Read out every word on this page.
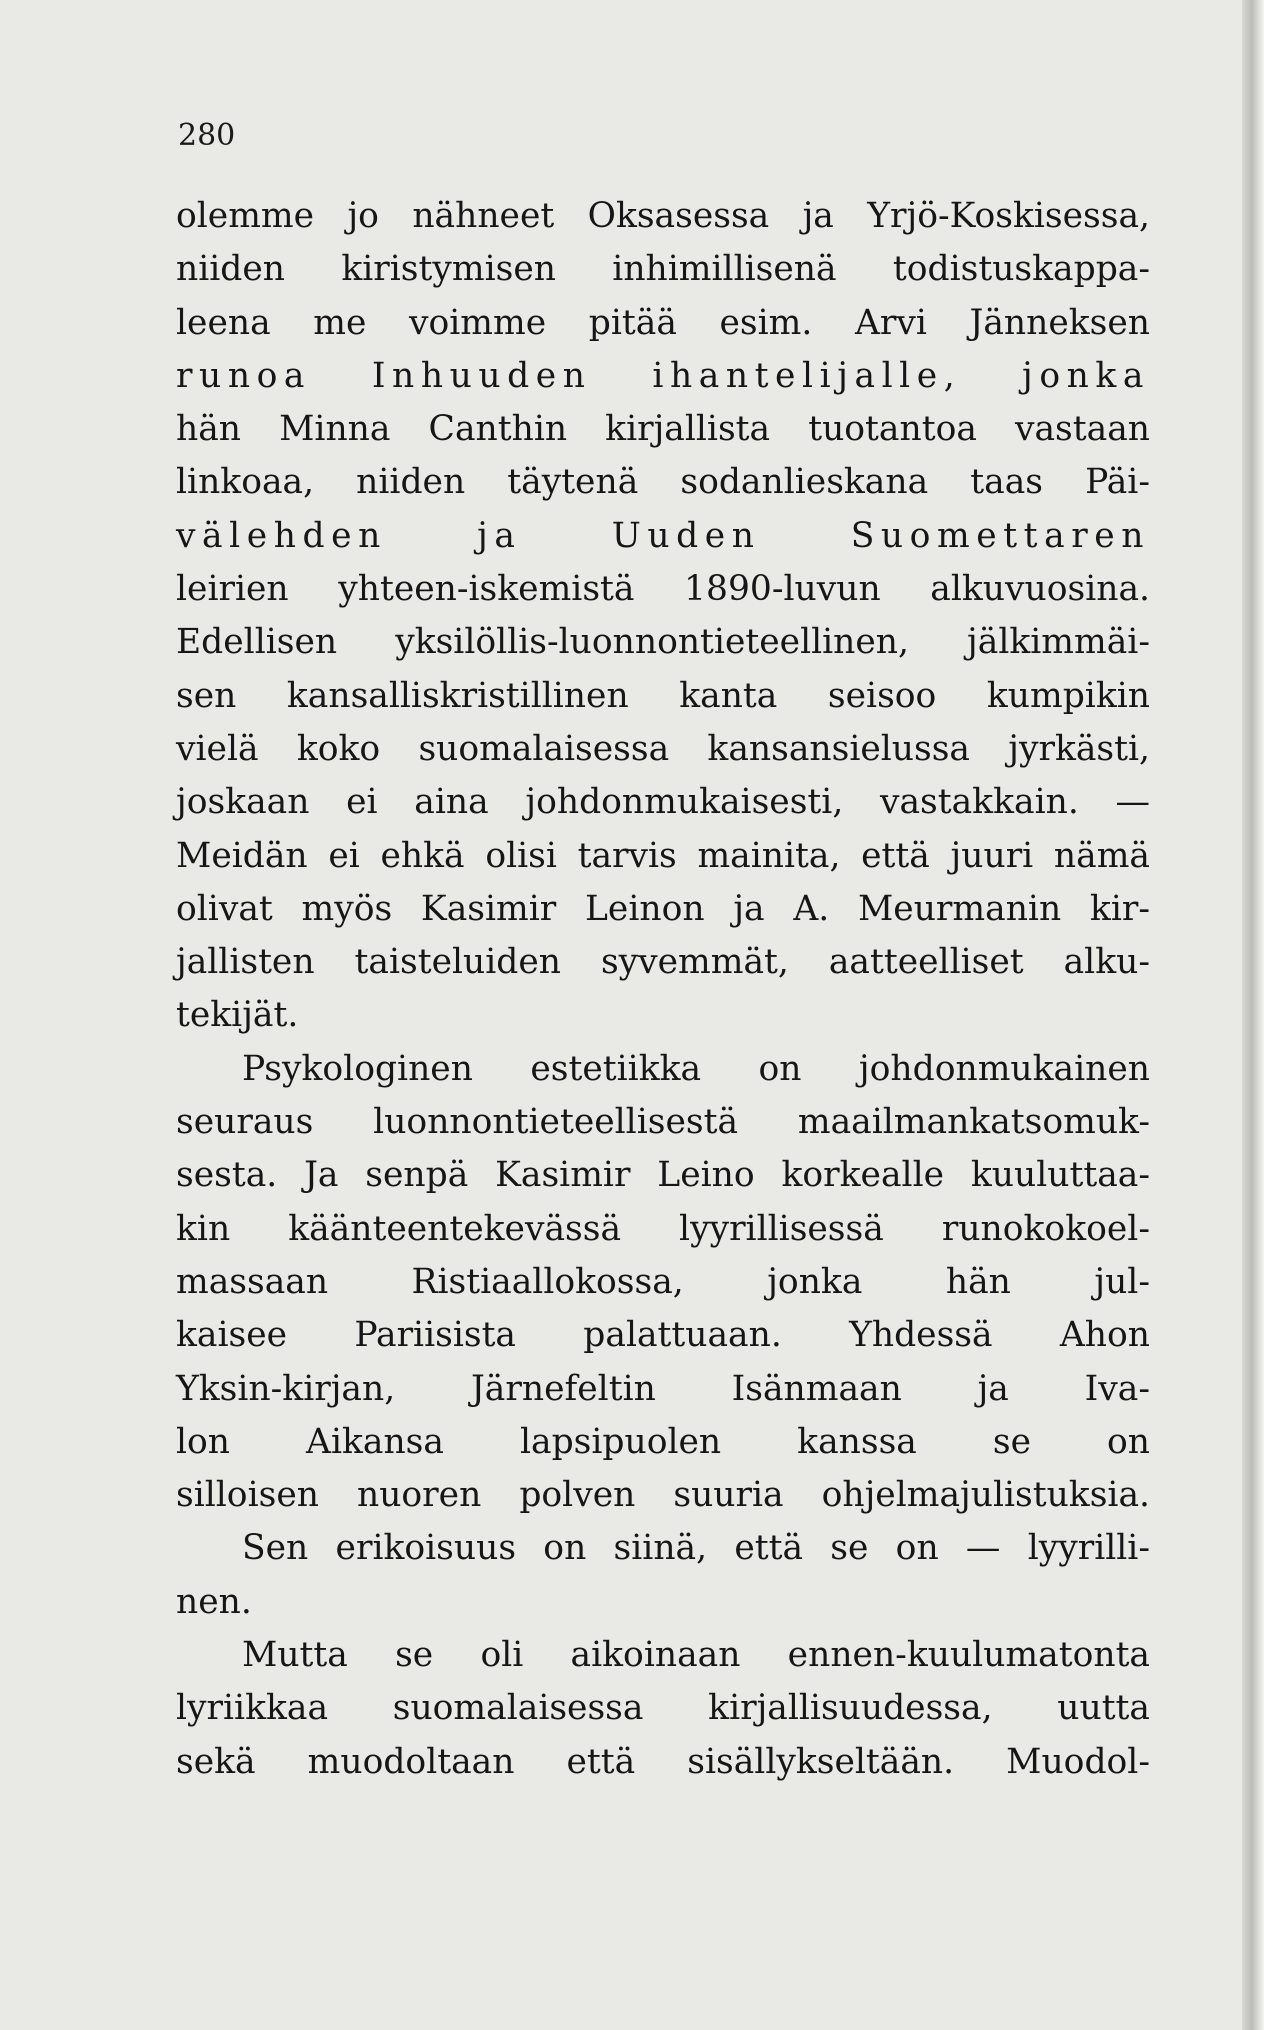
280
olemme jo nähneet Oksasessa ja Yrjö-Koskisessa,
niiden kiristymisen inhimillisenä todistuskappa-
leena me voimme pitää esim. Arvi Jänneksen
runoa Inhuuden ihantelijalle, jonka
hän Minna Canthin kirjallista tuotantoa vastaan
linkoaa, niiden täytenä sodanlieskana taas Päi-
välehden ja Uuden Suomettaren
leirien yhteen-iskemistä 1890-luvun alkuvuosina.
Edellisen yksilöllis-luonnontieteellinen, jälkimmäi-
sen kansalliskristillinen kanta seisoo kumpikin
vielä koko suomalaisessa kansansielussa jyrkästi,
joskaan ei aina johdonmukaisesti, vastakkain. —
Meidän ei ehkä olisi tarvis mainita, että juuri nämä
olivat myös Kasimir Leinon ja A. Meurmanin kir-
jallisten taisteluiden syvemmät, aatteelliset alku-
tekijät.
Psykologinen estetiikka on johdonmukainen
seuraus luonnontieteellisestä maailmankatsomuk-
sesta. Ja senpä Kasimir Leino korkealle kuuluttaa-
kin käänteentekevässä lyyrillisessä runokokoel-
massaan Ristiaallokossa, jonka hän jul-
kaisee Pariisista palattuaan. Yhdessä Ahon
Yksin-kirjan, Järnefeltin Isänmaan ja Iva-
lon Aikansa lapsipuolen kanssa se on
silloisen nuoren polven suuria ohjelmajulistuksia.
Sen erikoisuus on siinä, että se on — lyyrilli-
nen.
Mutta se oli aikoinaan ennen-kuulumatonta
lyriikkaa suomalaisessa kirjallisuudessa, uutta
sekä muodoltaan että sisällykseltään. Muodol-
